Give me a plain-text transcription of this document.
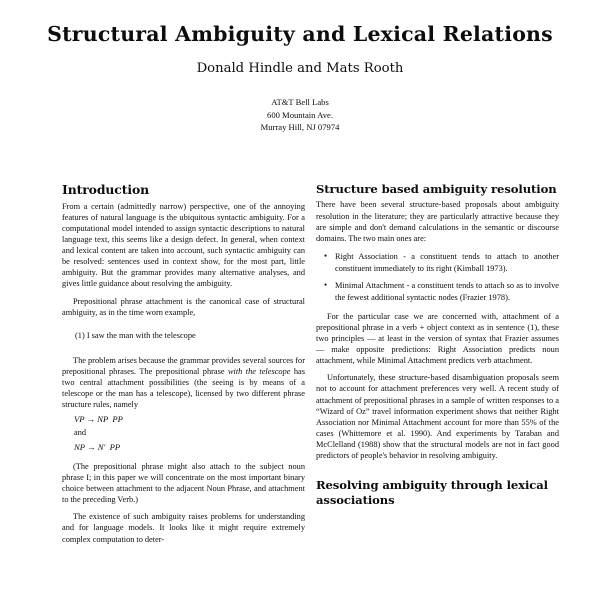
Structural Ambiguity and Lexical Relations
Donald Hindle and Mats Rooth
AT&T Bell Labs
600 Mountain Ave.
Murray Hill, NJ 07974
Introduction

From a certain (admittedly narrow) perspective, one of the annoying features of natural language is the ubiquitous syntactic ambiguity. For a computational model intended to assign syntactic descriptions to natural language text, this seems like a design defect. In general, when context and lexical content are taken into account, such syntactic ambiguity can be resolved: sentences used in context show, for the most part, little ambiguity. But the grammar provides many alternative analyses, and gives little guidance about resolving the ambiguity.

Prepositional phrase attachment is the canonical case of structural ambiguity, as in the time worn example,

(1) I saw the man with the telescope

The problem arises because the grammar provides several sources for prepositional phrases. The prepositional phrase with the telescope has two central attachment possibilities (the seeing is by means of a telescope or the man has a telescope), licensed by two different phrase structure rules, namely

VP → NP  PP
and
NP → N'  PP

(The prepositional phrase might also attach to the subject noun phrase I; in this paper we will concentrate on the most important binary choice between attachment to the adjacent Noun Phrase, and attachment to the preceding Verb.)

The existence of such ambiguity raises problems for understanding and for language models. It looks like it might require extremely complex computation to deter-

Structure based ambiguity resolution

There have been several structure-based proposals about ambiguity resolution in the literature; they are particularly attractive because they are simple and don't demand calculations in the semantic or discourse domains. The two main ones are:

● Right Association - a constituent tends to attach to another constituent immediately to its right (Kimball 1973).
● Minimal Attachment - a constituent tends to attach so as to involve the fewest additional syntactic nodes (Frazier 1978).

For the particular case we are concerned with, attachment of a prepositional phrase in a verb + object context as in sentence (1), these two principles — at least in the version of syntax that Frazier assumes — make opposite predictions: Right Association predicts noun attachment, while Minimal Attachment predicts verb attachment.

Unfortunately, these structure-based disambiguation proposals seem not to account for attachment preferences very well. A recent study of attachment of prepositional phrases in a sample of written responses to a “Wizard of Oz” travel information experiment shows that neither Right Association nor Minimal Attachment account for more than 55% of the cases (Whittemore et al. 1990). And experiments by Taraban and McClelland (1988) show that the structural models are not in fact good predictors of people's behavior in resolving ambiguity.

Resolving ambiguity through lexical associations
